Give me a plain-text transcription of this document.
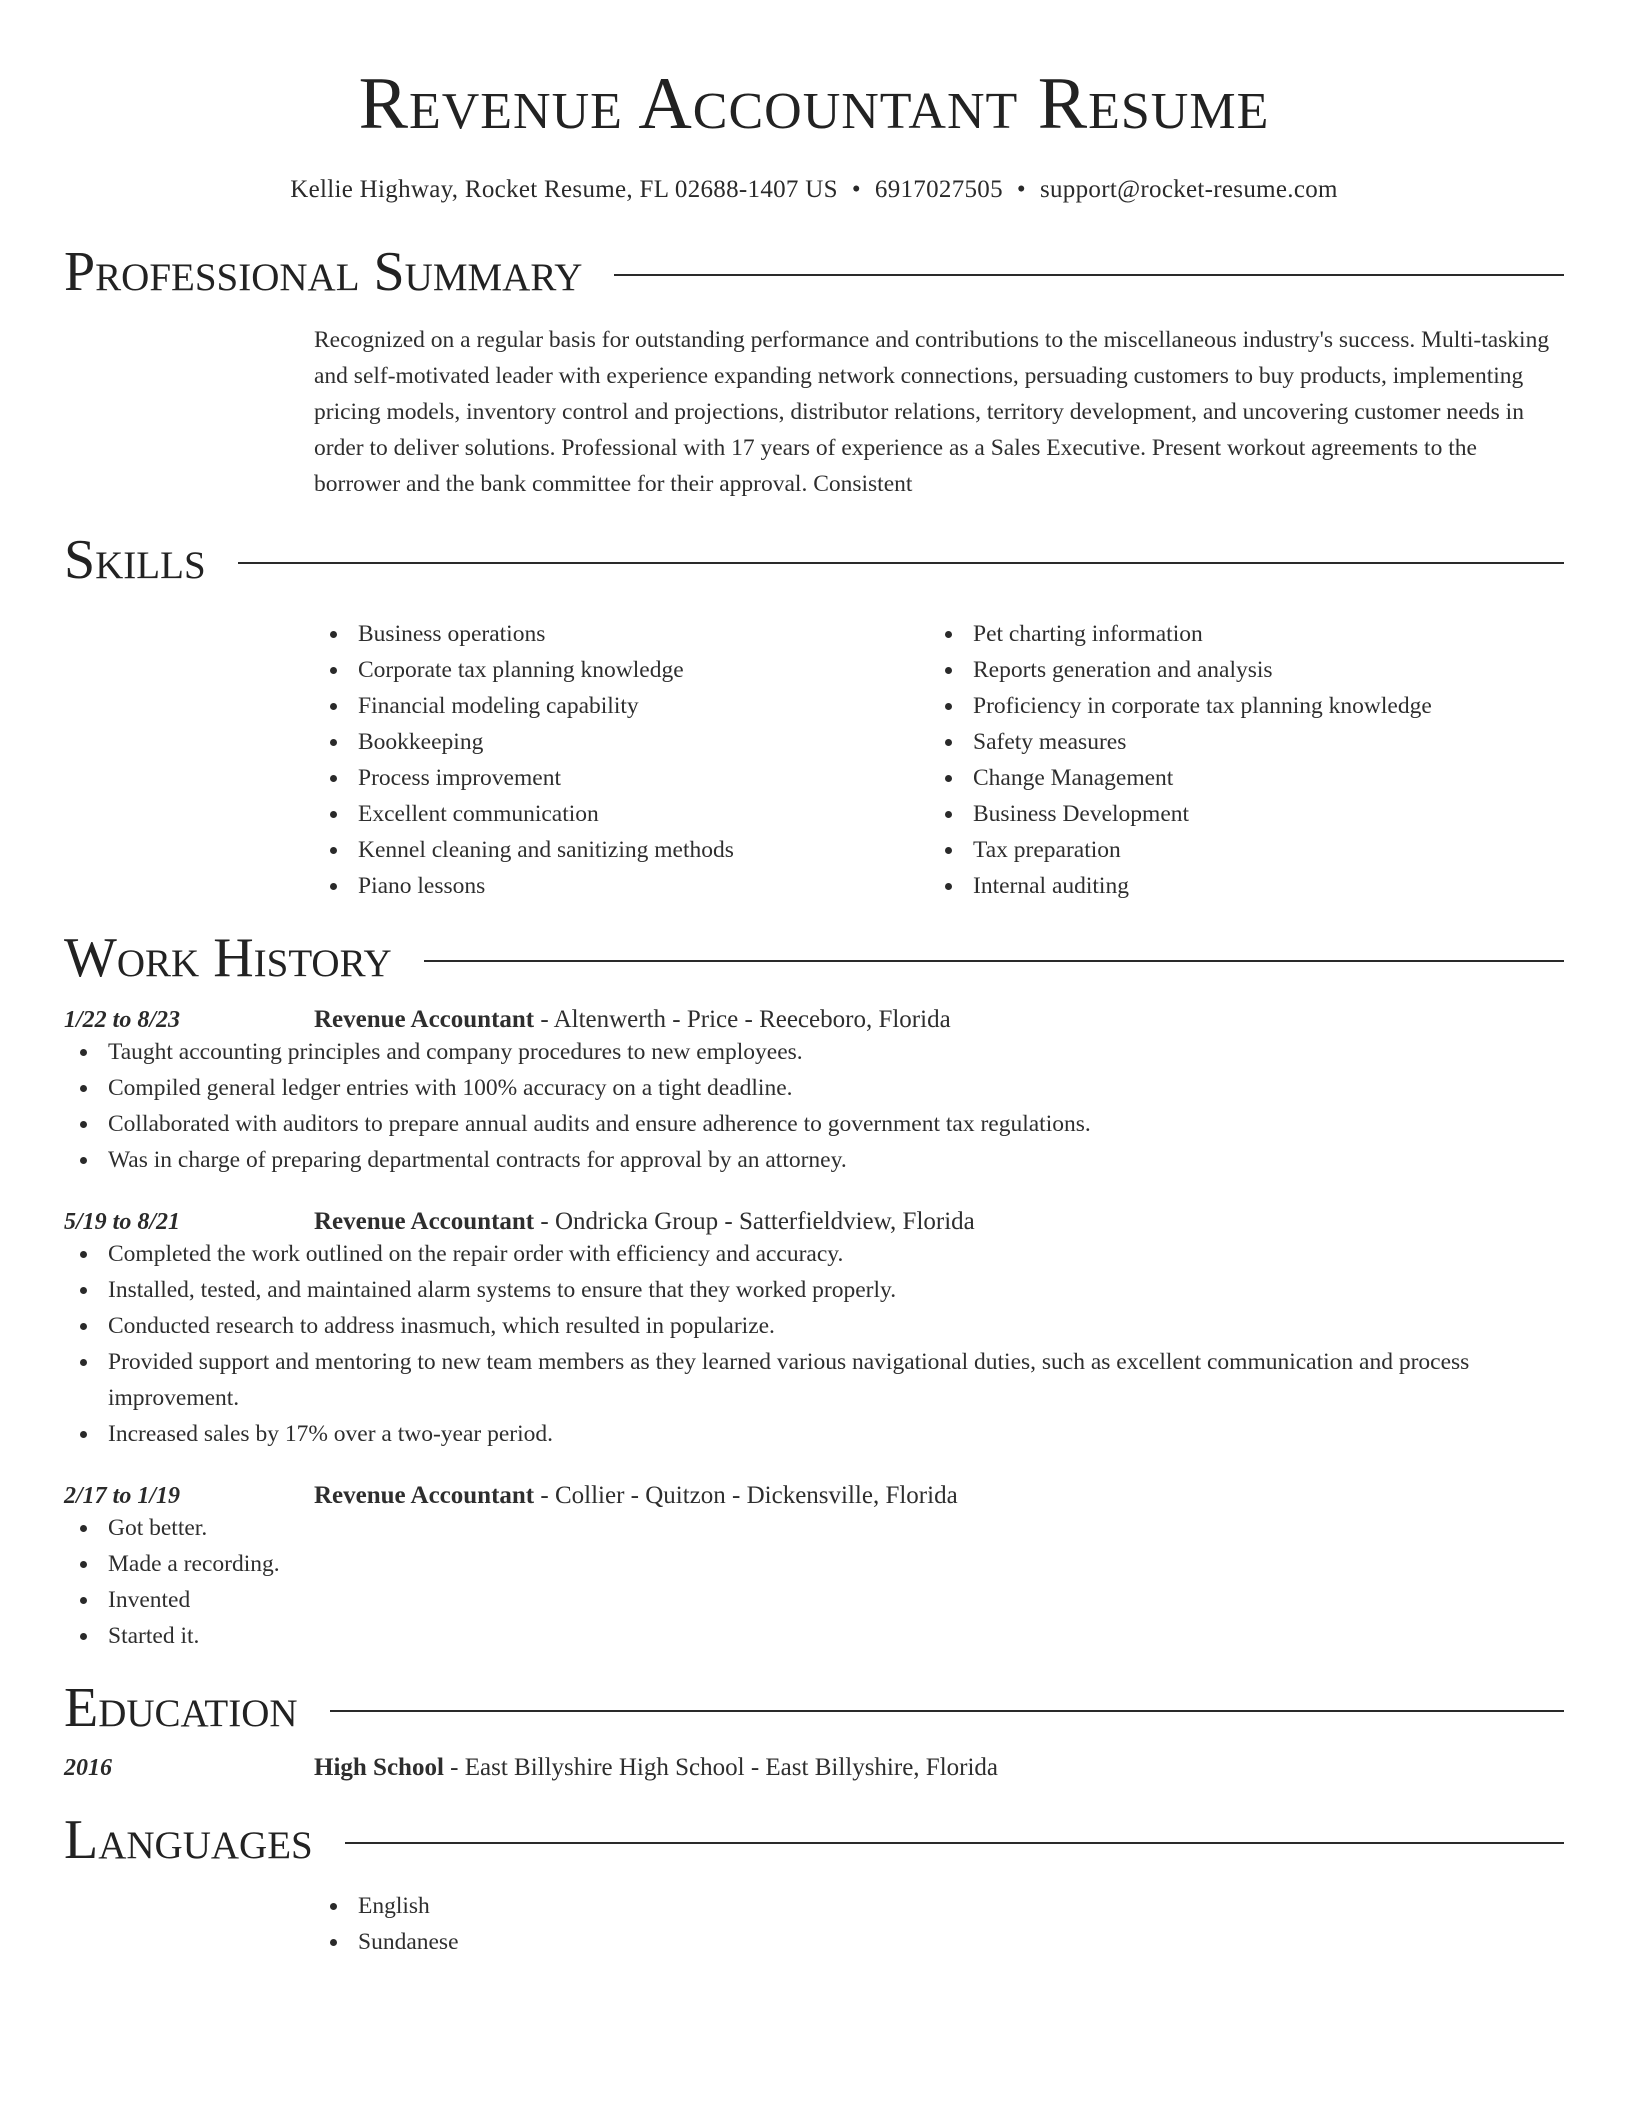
Revenue Accountant Resume
Kellie Highway, Rocket Resume, FL 02688-1407 US • 6917027505 • support@rocket-resume.com
Professional Summary

Recognized on a regular basis for outstanding performance and contributions to the miscellaneous industry's success. Multi-tasking and self-motivated leader with experience expanding network connections, persuading customers to buy products, implementing pricing models, inventory control and projections, distributor relations, territory development, and uncovering customer needs in order to deliver solutions. Professional with 17 years of experience as a Sales Executive. Present workout agreements to the borrower and the bank committee for their approval. Consistent

Skills
Business operations
Corporate tax planning knowledge
Financial modeling capability
Bookkeeping
Process improvement
Excellent communication
Kennel cleaning and sanitizing methods
Piano lessons
Pet charting information
Reports generation and analysis
Proficiency in corporate tax planning knowledge
Safety measures
Change Management
Business Development
Tax preparation
Internal auditing
Work History
1/22 to 8/23	Revenue Accountant - Altenwerth - Price - Reeceboro, Florida
Taught accounting principles and company procedures to new employees.
Compiled general ledger entries with 100% accuracy on a tight deadline.
Collaborated with auditors to prepare annual audits and ensure adherence to government tax regulations.
Was in charge of preparing departmental contracts for approval by an attorney.
5/19 to 8/21	Revenue Accountant - Ondricka Group - Satterfieldview, Florida
Completed the work outlined on the repair order with efficiency and accuracy.
Installed, tested, and maintained alarm systems to ensure that they worked properly.
Conducted research to address inasmuch, which resulted in popularize.
Provided support and mentoring to new team members as they learned various navigational duties, such as excellent communication and process improvement.
Increased sales by 17% over a two-year period.
2/17 to 1/19	Revenue Accountant - Collier - Quitzon - Dickensville, Florida
Got better.
Made a recording.
Invented
Started it.
Education
2016	High School - East Billyshire High School - East Billyshire, Florida
Languages
English
Sundanese
